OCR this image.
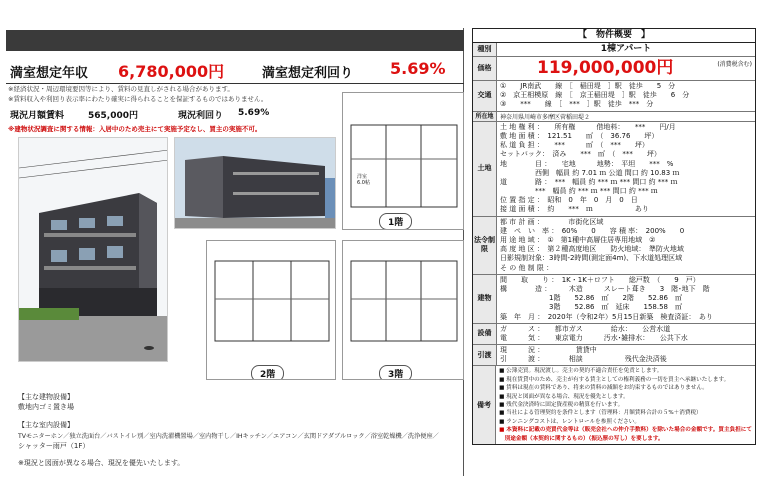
満室想定年収 6,780,000円	満室想定利回り 5.69%
※経済状況・周辺環境要因等により、賃料の見直しがされる場合があります。
※賃料収入や利回り表示率にわたり確実に得られることを保証するものではありません。
現況月額賃料	565,000円	現況利回り 5.69%
※建物状況調査に関する情報：入居中のため売主にて実施予定なし、買主の実施不可。
1階
洋室
6.0帖
2階	3階
【主な建物設備】
敷地内ゴミ置き場
【主な室内設備】
TVモニターホン／独立洗面台／バストイレ別／室内洗濯機置場／室内物干し／IHキッチン／エアコン／玄関ドアダブルロック／浴室乾燥機／洗浄便座／
シャッター雨戸（1F）
※現況と図面が異なる場合、現況を優先いたします。
【　物件概要　】
種別	1棟アパート
価格	119,000,000円	(消費税含む)
交通
①　　JR南武　　線　［　稲田堤　］駅　徒歩　　5　分
②　京王相模原　線　［　京王稲田堤　］駅　徒歩　　6　分
③　　***　　線　［　***　］駅　徒歩　***　分
所在地	神奈川県川崎市多摩区菅稲田堤２
土地
土 地 権 利 ：　　所有権　　　借地料：　　***　　円/月
敷 地 面 積 ：　121.51　　㎡　（　36.76　　坪）
私 道 負 担 ：　　***　　　㎡　（　***　　坪）
セットバック：　済み　　***　㎡　（　***　　坪）
地　　　　目 ：　　宅地　　　地勢：　平坦　　***　%
　　　　　西側　幅員 約 7.01 ｍ 公道 間口 約 10.83 ｍ
道　　　　路 ：　***　幅員 約 *** ｍ *** 間口 約 *** ｍ
　　　　　***　幅員 約 *** ｍ *** 間口 約 *** ｍ
位 置 指 定 ：　昭和　0　年　0　月　0　日
接 道 面 積 ：　約　　***　ｍ　　　　　　あり
法令制限
都 市 計 画 ：　　　　市街化区域
建　ぺ　い　率 ：　60%　　0　　容 積 率：　200%　　0
用 途 地 域 ：　①　第1種中高層住居専用地域　②
高 度 地 区 ：　第２種高度地区　　防火地域：　準防火地域
日影規制対象：3時間-2時間(測定面4m)、下水道処理区域
そ の 他 制 限 ：
建物
間　　取　　り ：　1K・1K＋ロフト　　総戸数　（　　9　戸）
構　　　　造 ：　　　木造　　　スレート葺き　　3　階･地下　階
　　　　　　　1階　　52.86　㎡　　2階　　52.86　㎡
　　　　　　　3階　　52.86　㎡　延床　　158.58　㎡
築　年　月 ：　2020年（令和2年）5月15日新築　検査済証：　あり
設備
ガ　　　ス ：　　都市ガス　　　　給水：　　公営水道
電　　　気 ：　　東京電力　　　汚水･雑排水：　　公共下水
引渡
現　　　況 ：　　　　　賃貸中
引　　　渡 ：　　　　相談　　　　　　残代金決済後
備考
■ 公簿売買。現況渡し。売主の契約不適合責任を免責とします。
■ 現在賃貸中のため、売主が有する賃主としての権利義務の一切を買主へ承継いたします。
■ 賃料は現在の賃料であり、将来の賃料の減額をお約束するものではありません。
■ 現況と図面が異なる場合、現況を優先とします。
■ 残代金決済時に固定資産税の精算を行います。
■ 当社による管理契約を条件とします（管理料：月額賃料合計の５%＋消費税）
■ ランニングコストは、レントロールを参照ください。
■ 本資料に記載の売買代金等は（販売会社への仲介手数料）を除いた場合の金額です。買主負担にて
　別途金額（本契約に関するもの）（振込票の写し）を要します。
